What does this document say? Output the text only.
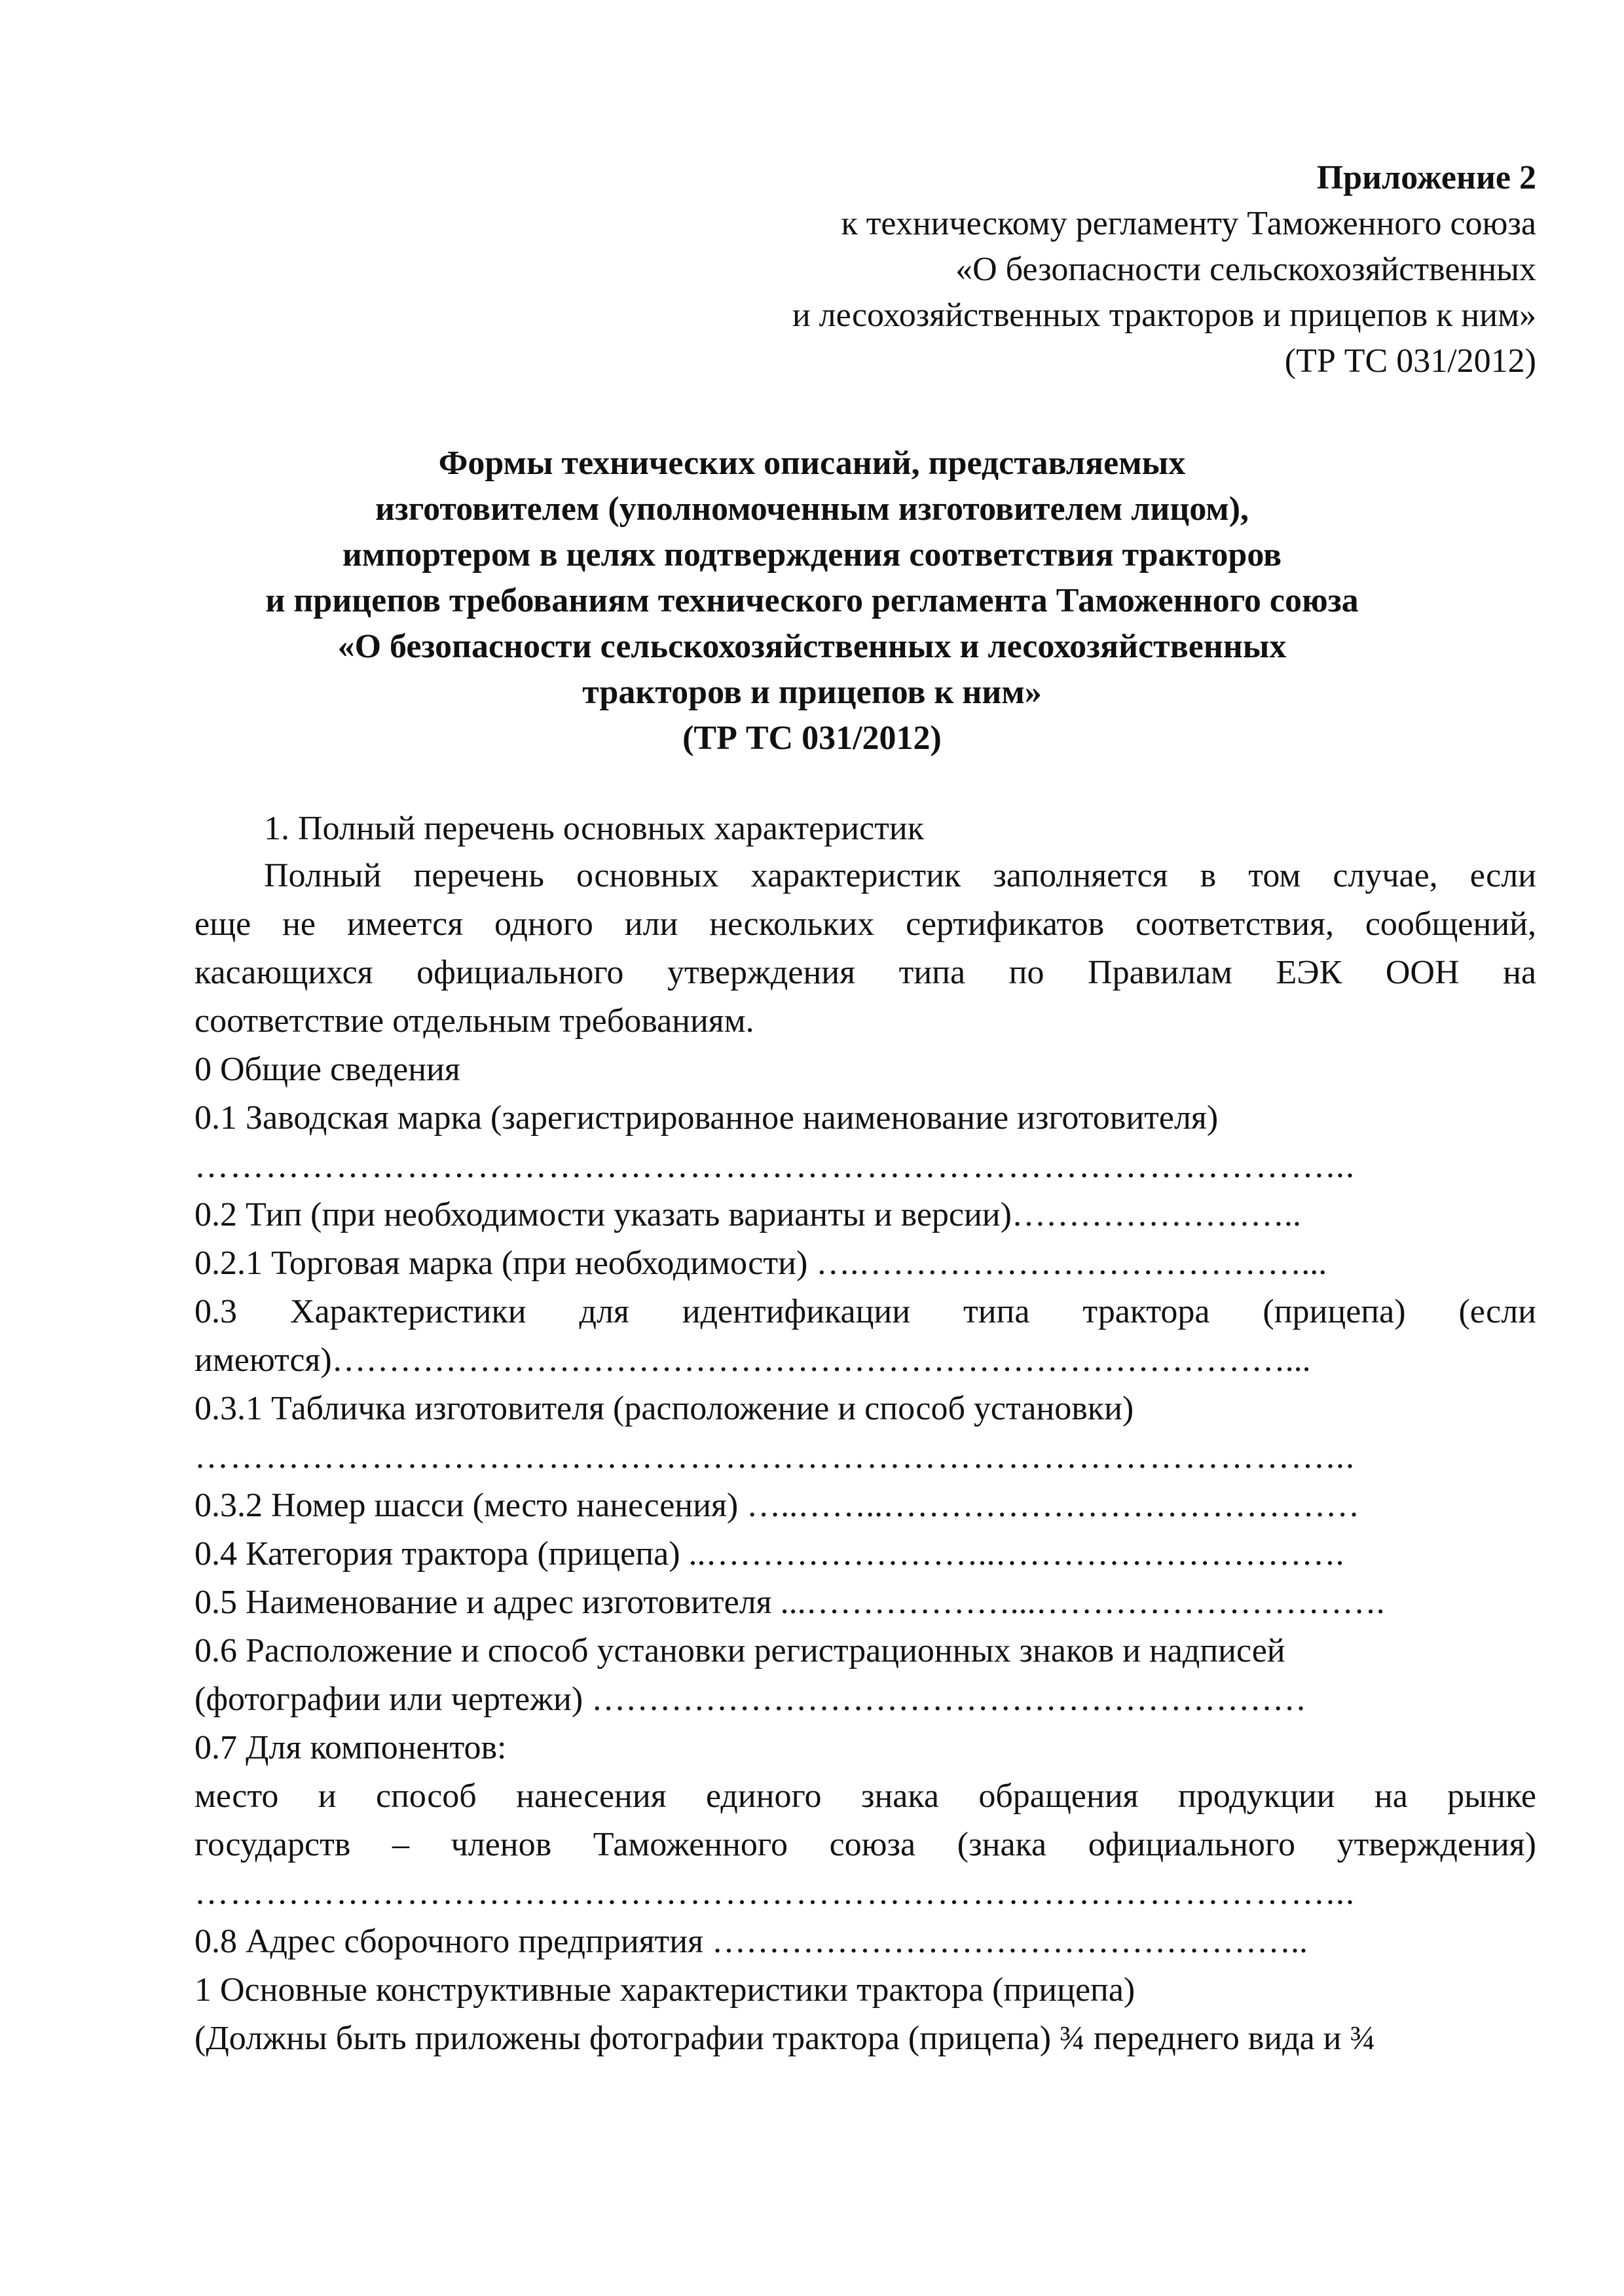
Приложение 2
к техническому регламенту Таможенного союза
«О безопасности сельскохозяйственных
и лесохозяйственных тракторов и прицепов к ним»
(ТР ТС 031/2012)
Формы технических описаний, представляемых
изготовителем (уполномоченным изготовителем лицом),
импортером в целях подтверждения соответствия тракторов
и прицепов требованиям технического регламента Таможенного союза
«О безопасности сельскохозяйственных и лесохозяйственных
тракторов и прицепов к ним»
(ТР ТС 031/2012)
1. Полный перечень основных характеристик
Полный перечень основных характеристик заполняется в том случае, если
еще не имеется одного или нескольких сертификатов соответствия, сообщений,
касающихся официального утверждения типа по Правилам ЕЭК ООН на
соответствие отдельным требованиям.
0 Общие сведения
0.1 Заводская марка (зарегистрированное наименование изготовителя)
……………………………………………………………………………………...
0.2 Тип (при необходимости указать варианты и версии)……………………..
0.2.1 Торговая марка (при необходимости) ….…………………………………...
0.3 Характеристики для идентификации типа трактора (прицепа) (если
имеются)…………………………………………………………………………...
0.3.1 Табличка изготовителя (расположение и способ установки)
……………………………………………………………………………………...
0.3.2 Номер шасси (место нанесения) …..……..……………………………………
0.4 Категория трактора (прицепа) ..……………………..………………………….
0.5 Наименование и адрес изготовителя ...………………...………………………….
0.6 Расположение и способ установки регистрационных знаков и надписей
(фотографии или чертежи) ………………………………………………………
0.7 Для компонентов:
место и способ нанесения единого знака обращения продукции на рынке
государств – членов Таможенного союза (знака официального утверждения)
……………………………………………………………………………………...
0.8 Адрес сборочного предприятия ……………………………………………..
1 Основные конструктивные характеристики трактора (прицепа)
(Должны быть приложены фотографии трактора (прицепа) ¾ переднего вида и ¾
